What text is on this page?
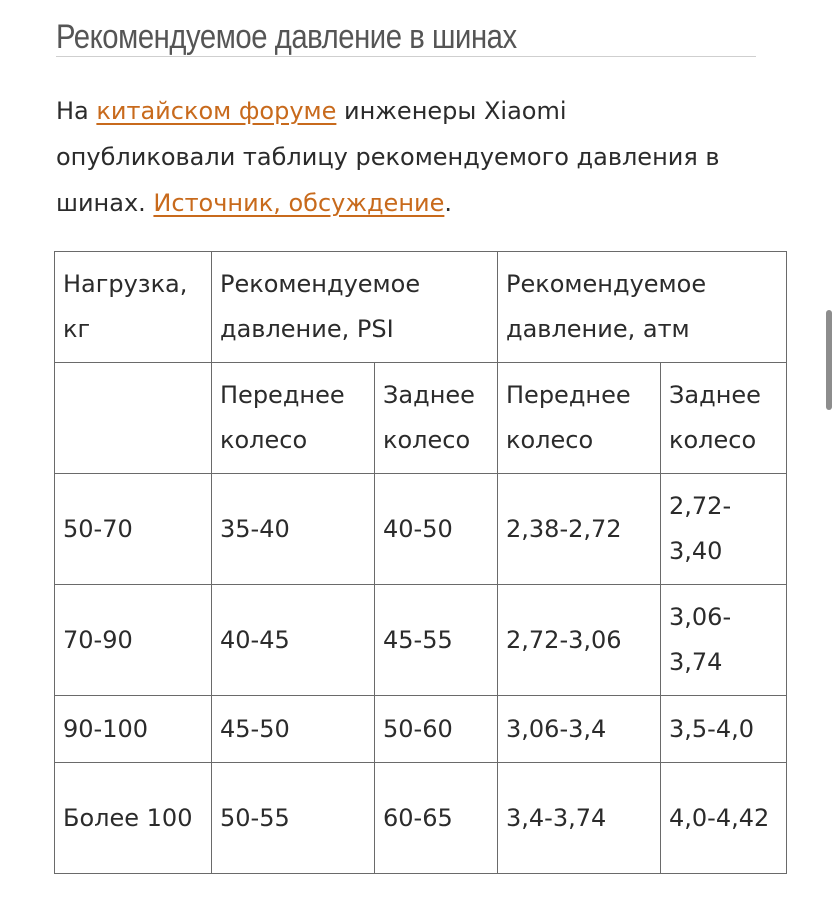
Рекомендуемое давление в шинах

На китайском форуме инженеры Xiaomi опубликовали таблицу рекомендуемого давления в шинах. Источник, обсуждение.

Нагрузка, кг	Рекомендуемое давление, PSI		Рекомендуемое давление, атм	
	Переднее колесо	Заднее колесо	Переднее колесо	Заднее колесо
50-70	35-40	40-50	2,38-2,72	2,72-3,40
70-90	40-45	45-55	2,72-3,06	3,06-3,74
90-100	45-50	50-60	3,06-3,4	3,5-4,0
Более 100	50-55	60-65	3,4-3,74	4,0-4,42
